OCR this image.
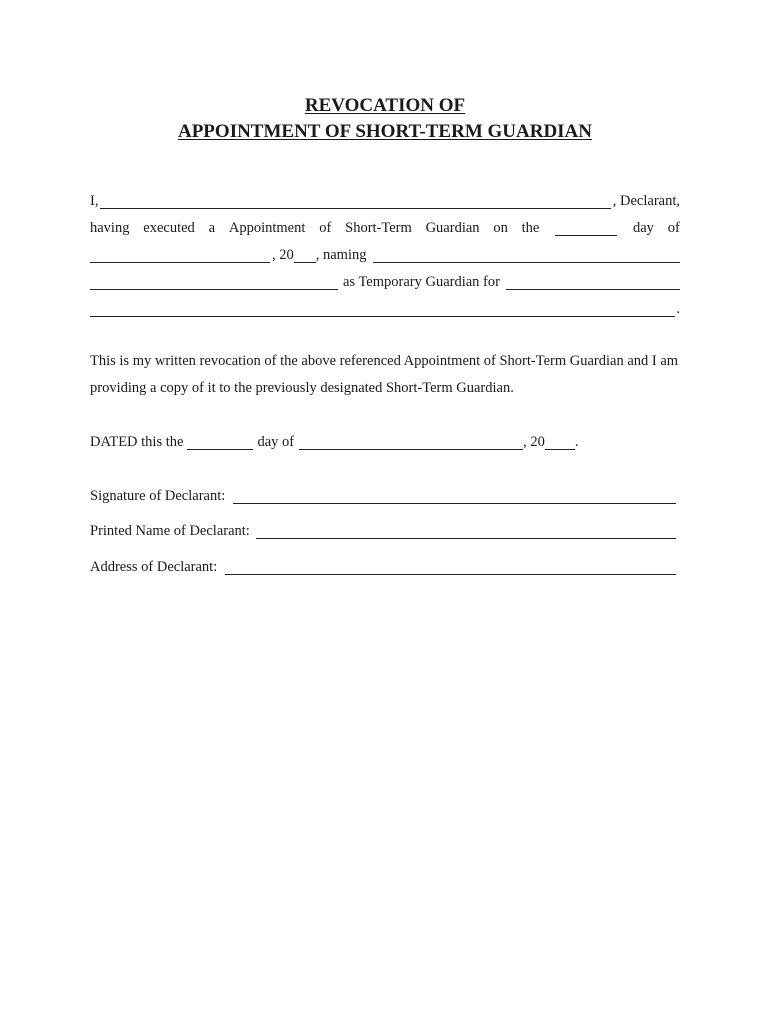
REVOCATION OF
APPOINTMENT OF SHORT-TERM GUARDIAN
I,	, Declarant,
having executed a Appointment of Short-Term Guardian on the	day of
, 20 , naming
as Temporary Guardian for
.
This is my written revocation of the above referenced Appointment of Short-Term Guardian and I am providing a copy of it to the previously designated Short-Term Guardian.
DATED this the	day of	, 20 .
Signature of Declarant:
Printed Name of Declarant:
Address of Declarant:
